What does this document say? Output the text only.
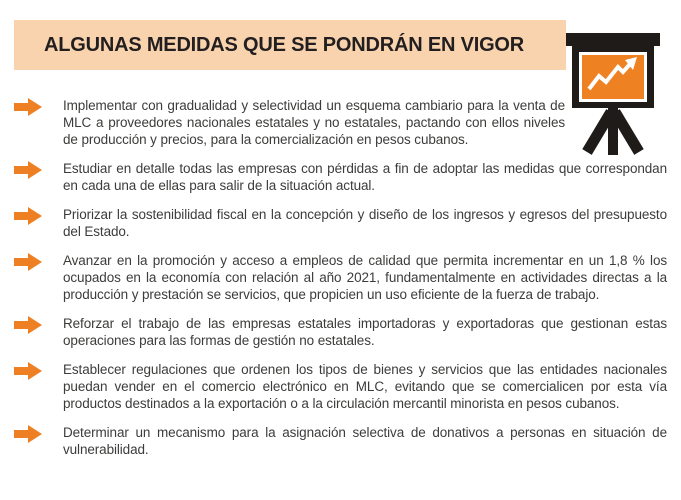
ALGUNAS MEDIDAS QUE SE PONDRÁN EN VIGOR

Implementar con gradualidad y selectividad un esquema cambiario para la venta de MLC a proveedores nacionales estatales y no estatales, pactando con ellos niveles de producción y precios, para la comercialización en pesos cubanos.

Estudiar en detalle todas las empresas con pérdidas a fin de adoptar las medidas que correspondan en cada una de ellas para salir de la situación actual.

Priorizar la sostenibilidad fiscal en la concepción y diseño de los ingresos y egresos del presupuesto del Estado.

Avanzar en la promoción y acceso a empleos de calidad que permita incrementar en un 1,8 % los ocupados en la economía con relación al año 2021, fundamentalmente en actividades directas a la producción y prestación se servicios, que propicien un uso eficiente de la fuerza de trabajo.

Reforzar el trabajo de las empresas estatales importadoras y exportadoras que gestionan estas operaciones para las formas de gestión no estatales.

Establecer regulaciones que ordenen los tipos de bienes y servicios que las entidades nacionales puedan vender en el comercio electrónico en MLC, evitando que se comercialicen por esta vía productos destinados a la exportación o a la circulación mercantil minorista en pesos cubanos.

Determinar un mecanismo para la asignación selectiva de donativos a personas en situación de vulnerabilidad.
